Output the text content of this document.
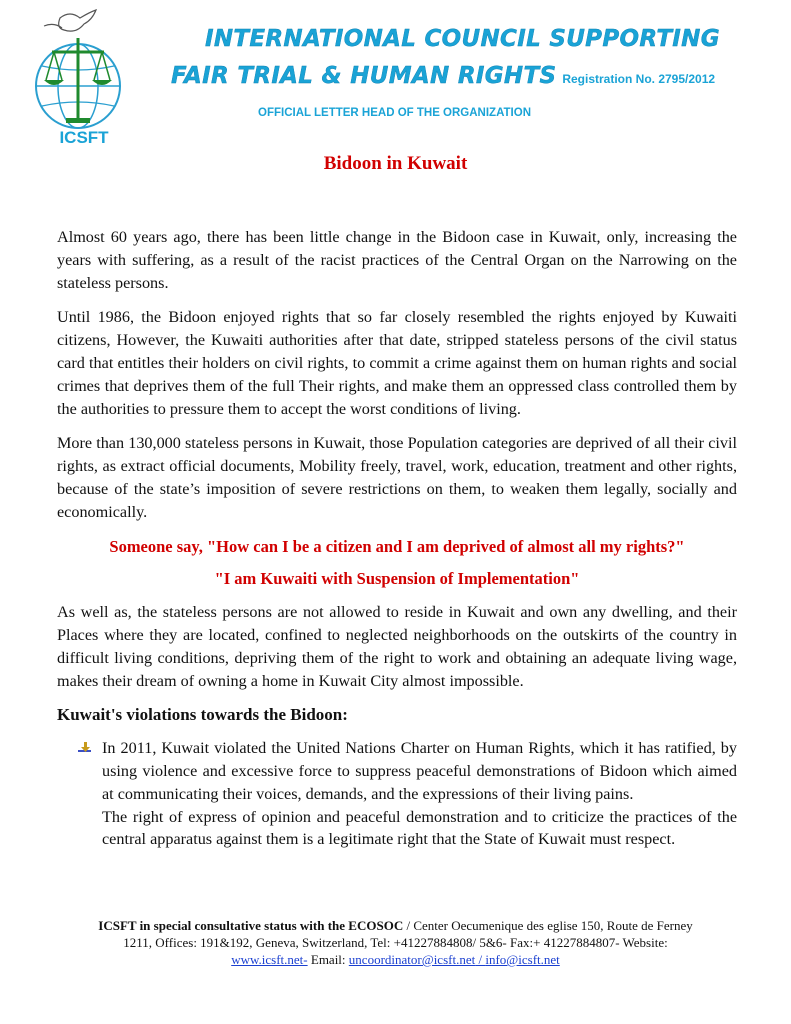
ICSFT
INTERNATIONAL COUNCIL SUPPORTING
FAIR TRIAL & HUMAN RIGHTS Registration No. 2795/2012
OFFICIAL LETTER HEAD OF THE ORGANIZATION
Bidoon in Kuwait

Almost 60 years ago, there has been little change in the Bidoon case in Kuwait, only, increasing the years with suffering, as a result of the racist practices of the Central Organ on the Narrowing on the stateless persons.

Until 1986, the Bidoon enjoyed rights that so far closely resembled the rights enjoyed by Kuwaiti citizens, However, the Kuwaiti authorities after that date, stripped stateless persons of the civil status card that entitles their holders on civil rights, to commit a crime against them on human rights and social crimes that deprives them of the full Their rights, and make them an oppressed class controlled them by the authorities to pressure them to accept the worst conditions of living.

More than 130,000 stateless persons in Kuwait, those Population categories are deprived of all their civil rights, as extract official documents, Mobility freely, travel, work, education, treatment and other rights, because of the state’s imposition of severe restrictions on them, to weaken them legally, socially and economically.

Someone say, "How can I be a citizen and I am deprived of almost all my rights?"

"I am Kuwaiti with Suspension of Implementation"

As well as, the stateless persons are not allowed to reside in Kuwait and own any dwelling, and their Places where they are located, confined to neglected neighborhoods on the outskirts of the country in difficult living conditions, depriving them of the right to work and obtaining an adequate living wage, makes their dream of owning a home in Kuwait City almost impossible.

Kuwait's violations towards the Bidoon:

In 2011, Kuwait violated the United Nations Charter on Human Rights, which it has ratified, by using violence and excessive force to suppress peaceful demonstrations of Bidoon which aimed at communicating their voices, demands, and the expressions of their living pains.

The right of express of opinion and peaceful demonstration and to criticize the practices of the central apparatus against them is a legitimate right that the State of Kuwait must respect.

ICSFT in special consultative status with the ECOSOC / Center Oecumenique des eglise 150, Route de Ferney
1211, Offices: 191&192, Geneva, Switzerland, Tel: +41227884808/ 5&6- Fax:+ 41227884807- Website:
www.icsft.net- Email: uncoordinator@icsft.net / info@icsft.net
